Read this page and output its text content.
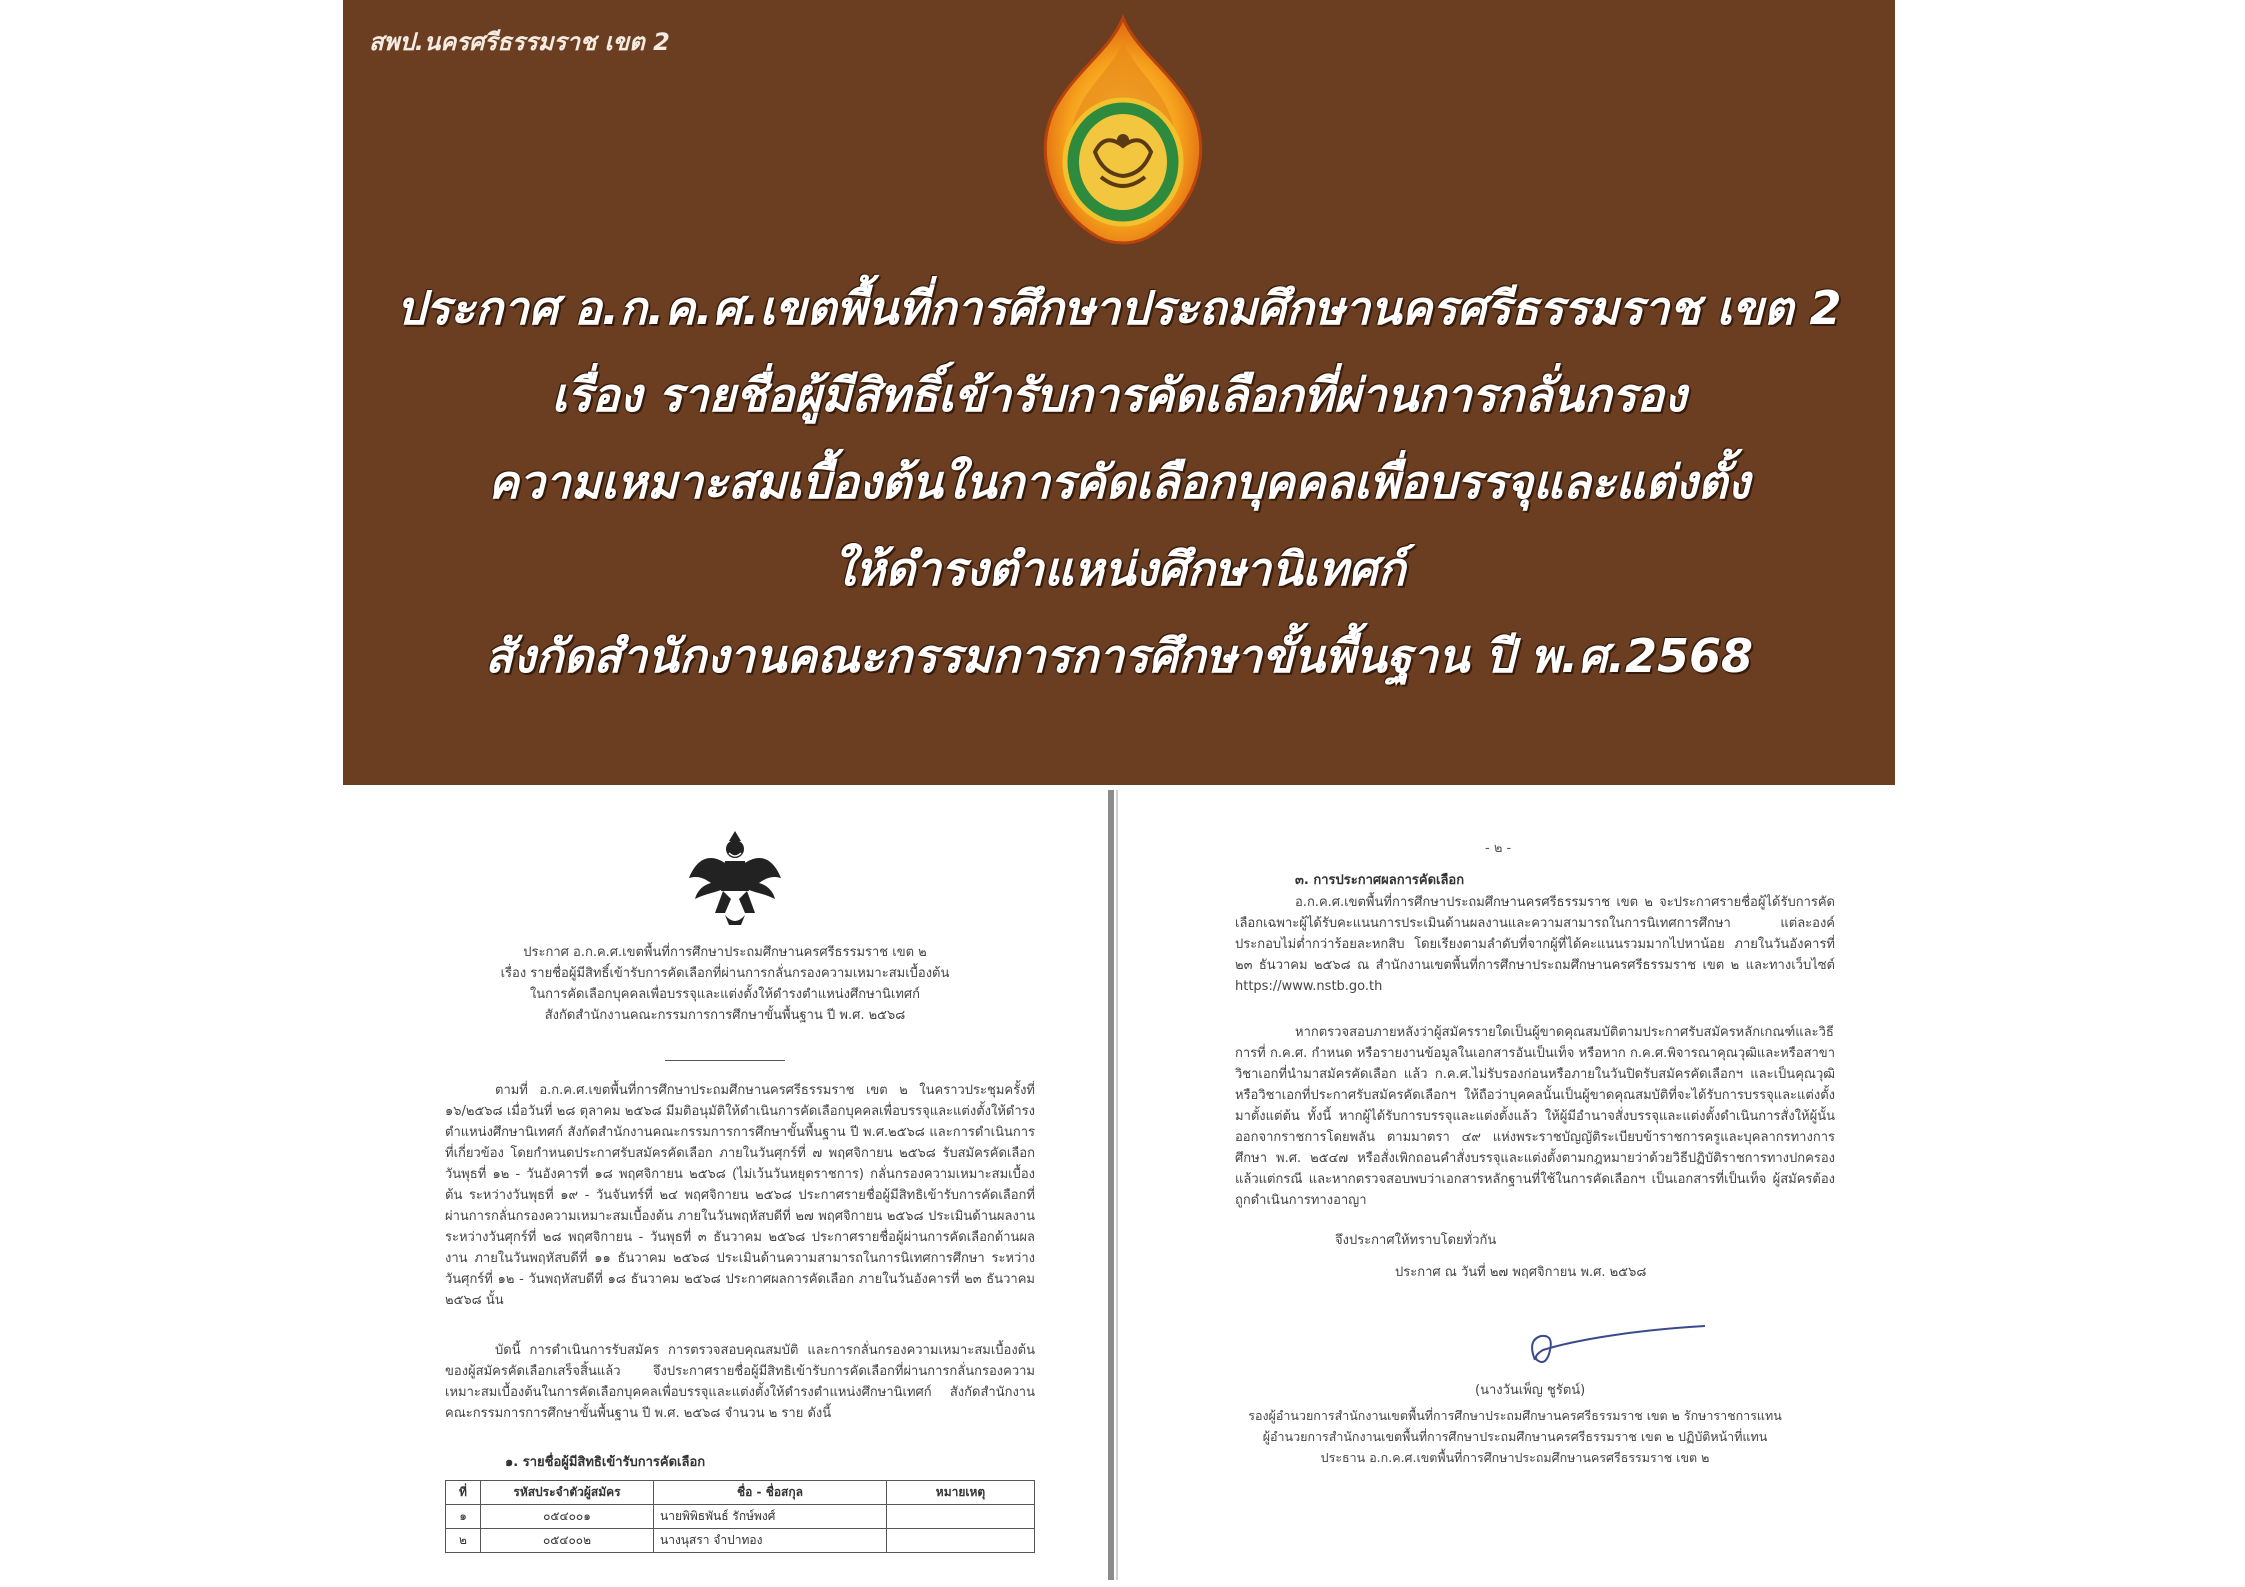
สพป.นครศรีธรรมราช เขต 2
ประกาศ อ.ก.ค.ศ.เขตพื้นที่การศึกษาประถมศึกษานครศรีธรรมราช เขต 2
เรื่อง รายชื่อผู้มีสิทธิ์เข้ารับการคัดเลือกที่ผ่านการกลั่นกรอง
ความเหมาะสมเบื้องต้นในการคัดเลือกบุคคลเพื่อบรรจุและแต่งตั้ง
ให้ดำรงตำแหน่งศึกษานิเทศก์
สังกัดสำนักงานคณะกรรมการการศึกษาขั้นพื้นฐาน ปี พ.ศ.2568
ประกาศ อ.ก.ค.ศ.เขตพื้นที่การศึกษาประถมศึกษานครศรีธรรมราช เขต ๒
เรื่อง รายชื่อผู้มีสิทธิ์เข้ารับการคัดเลือกที่ผ่านการกลั่นกรองความเหมาะสมเบื้องต้น
ในการคัดเลือกบุคคลเพื่อบรรจุและแต่งตั้งให้ดำรงตำแหน่งศึกษานิเทศก์
สังกัดสำนักงานคณะกรรมการการศึกษาขั้นพื้นฐาน ปี พ.ศ. ๒๕๖๘
ตามที่ อ.ก.ค.ศ.เขตพื้นที่การศึกษาประถมศึกษานครศรีธรรมราช เขต ๒ ในคราวประชุมครั้งที่ ๑๖/๒๕๖๘ เมื่อวันที่ ๒๘ ตุลาคม ๒๕๖๘ มีมติอนุมัติให้ดำเนินการคัดเลือกบุคคลเพื่อบรรจุและแต่งตั้งให้ดำรงตำแหน่งศึกษานิเทศก์ สังกัดสำนักงานคณะกรรมการการศึกษาขั้นพื้นฐาน ปี พ.ศ.๒๕๖๘ และการดำเนินการที่เกี่ยวข้อง โดยกำหนดประกาศรับสมัครคัดเลือก ภายในวันศุกร์ที่ ๗ พฤศจิกายน ๒๕๖๘ รับสมัครคัดเลือกวันพุธที่ ๑๒ - วันอังคารที่ ๑๘ พฤศจิกายน ๒๕๖๘ (ไม่เว้นวันหยุดราชการ) กลั่นกรองความเหมาะสมเบื้องต้น ระหว่างวันพุธที่ ๑๙ - วันจันทร์ที่ ๒๔ พฤศจิกายน ๒๕๖๘ ประกาศรายชื่อผู้มีสิทธิเข้ารับการคัดเลือกที่ผ่านการกลั่นกรองความเหมาะสมเบื้องต้น ภายในวันพฤหัสบดีที่ ๒๗ พฤศจิกายน ๒๕๖๘ ประเมินด้านผลงาน ระหว่างวันศุกร์ที่ ๒๘ พฤศจิกายน - วันพุธที่ ๓ ธันวาคม ๒๕๖๘ ประกาศรายชื่อผู้ผ่านการคัดเลือกด้านผลงาน ภายในวันพฤหัสบดีที่ ๑๑ ธันวาคม ๒๕๖๘ ประเมินด้านความสามารถในการนิเทศการศึกษา ระหว่างวันศุกร์ที่ ๑๒ - วันพฤหัสบดีที่ ๑๘ ธันวาคม ๒๕๖๘ ประกาศผลการคัดเลือก ภายในวันอังคารที่ ๒๓ ธันวาคม ๒๕๖๘ นั้น
บัดนี้ การดำเนินการรับสมัคร การตรวจสอบคุณสมบัติ และการกลั่นกรองความเหมาะสมเบื้องต้นของผู้สมัครคัดเลือกเสร็จสิ้นแล้ว จึงประกาศรายชื่อผู้มีสิทธิเข้ารับการคัดเลือกที่ผ่านการกลั่นกรองความเหมาะสมเบื้องต้นในการคัดเลือกบุคคลเพื่อบรรจุและแต่งตั้งให้ดำรงตำแหน่งศึกษานิเทศก์ สังกัดสำนักงานคณะกรรมการการศึกษาขั้นพื้นฐาน ปี พ.ศ. ๒๕๖๘ จำนวน ๒ ราย ดังนี้
๑. รายชื่อผู้มีสิทธิเข้ารับการคัดเลือก
ที่	รหัสประจำตัวผู้สมัคร	ชื่อ - ชื่อสกุล	หมายเหตุ
๑	๐๕๔๐๐๑	นายพิพิธพันธ์ รักษ์พงศ์	
๒	๐๕๔๐๐๒	นางนุสรา จำปาทอง	
- ๒ -
๓. การประกาศผลการคัดเลือก
อ.ก.ค.ศ.เขตพื้นที่การศึกษาประถมศึกษานครศรีธรรมราช เขต ๒ จะประกาศรายชื่อผู้ได้รับการคัดเลือกเฉพาะผู้ได้รับคะแนนการประเมินด้านผลงานและความสามารถในการนิเทศการศึกษา แต่ละองค์ประกอบไม่ต่ำกว่าร้อยละหกสิบ โดยเรียงตามลำดับที่จากผู้ที่ได้คะแนนรวมมากไปหาน้อย ภายในวันอังคารที่ ๒๓ ธันวาคม ๒๕๖๘ ณ สำนักงานเขตพื้นที่การศึกษาประถมศึกษานครศรีธรรมราช เขต ๒ และทางเว็บไซต์ https://www.nstb.go.th
หากตรวจสอบภายหลังว่าผู้สมัครรายใดเป็นผู้ขาดคุณสมบัติตามประกาศรับสมัครหลักเกณฑ์และวิธีการที่ ก.ค.ศ. กำหนด หรือรายงานข้อมูลในเอกสารอันเป็นเท็จ หรือหาก ก.ค.ศ.พิจารณาคุณวุฒิและหรือสาขาวิชาเอกที่นำมาสมัครคัดเลือก แล้ว ก.ค.ศ.ไม่รับรองก่อนหรือภายในวันปิดรับสมัครคัดเลือกฯ และเป็นคุณวุฒิ หรือวิชาเอกที่ประกาศรับสมัครคัดเลือกฯ ให้ถือว่าบุคคลนั้นเป็นผู้ขาดคุณสมบัติที่จะได้รับการบรรจุและแต่งตั้งมาตั้งแต่ต้น ทั้งนี้ หากผู้ได้รับการบรรจุและแต่งตั้งแล้ว ให้ผู้มีอำนาจสั่งบรรจุและแต่งตั้งดำเนินการสั่งให้ผู้นั้นออกจากราชการโดยพลัน ตามมาตรา ๔๙ แห่งพระราชบัญญัติระเบียบข้าราชการครูและบุคลากรทางการศึกษา พ.ศ. ๒๕๔๗ หรือสั่งเพิกถอนคำสั่งบรรจุและแต่งตั้งตามกฎหมายว่าด้วยวิธีปฏิบัติราชการทางปกครอง แล้วแต่กรณี และหากตรวจสอบพบว่าเอกสารหลักฐานที่ใช้ในการคัดเลือกฯ เป็นเอกสารที่เป็นเท็จ ผู้สมัครต้องถูกดำเนินการทางอาญา
จึงประกาศให้ทราบโดยทั่วกัน
ประกาศ ณ วันที่ ๒๗ พฤศจิกายน พ.ศ. ๒๕๖๘
(นางวันเพ็ญ ชูรัตน์)
รองผู้อำนวยการสำนักงานเขตพื้นที่การศึกษาประถมศึกษานครศรีธรรมราช เขต ๒ รักษาราชการแทน
ผู้อำนวยการสำนักงานเขตพื้นที่การศึกษาประถมศึกษานครศรีธรรมราช เขต ๒ ปฏิบัติหน้าที่แทน
ประธาน อ.ก.ค.ศ.เขตพื้นที่การศึกษาประถมศึกษานครศรีธรรมราช เขต ๒
